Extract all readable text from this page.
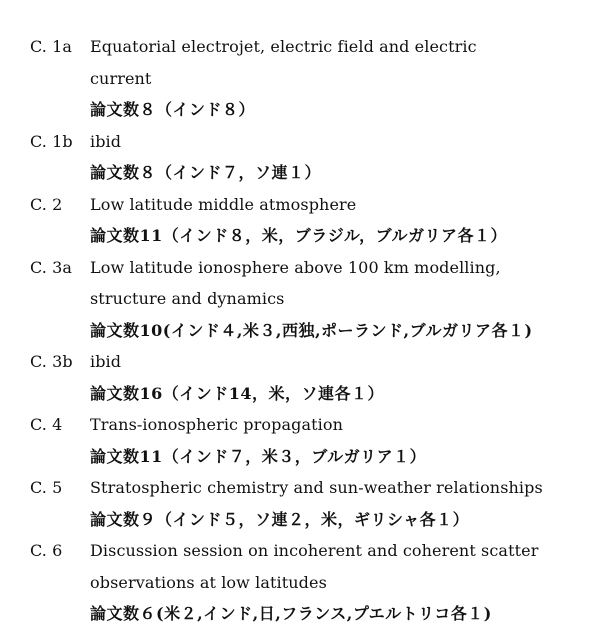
C. 1a Equatorial electrojet, electric field and electric
current
論文数８（インド８）
C. 1b ibid
論文数８（インド７，ソ連１）
C. 2 Low latitude middle atmosphere
論文数11（インド８，米，ブラジル，ブルガリア各１）
C. 3a Low latitude ionosphere above 100 km modelling,
structure and dynamics
論文数10(インド４,米３,西独,ポーランド,ブルガリア各１)
C. 3b ibid
論文数16（インド14，米，ソ連各１）
C. 4 Trans-ionospheric propagation
論文数11（インド７，米３，ブルガリア１）
C. 5 Stratospheric chemistry and sun-weather relationships
論文数９（インド５，ソ連２，米，ギリシャ各１）
C. 6 Discussion session on incoherent and coherent scatter
observations at low latitudes
論文数６(米２,インド,日,フランス,プエルトリコ各１)
